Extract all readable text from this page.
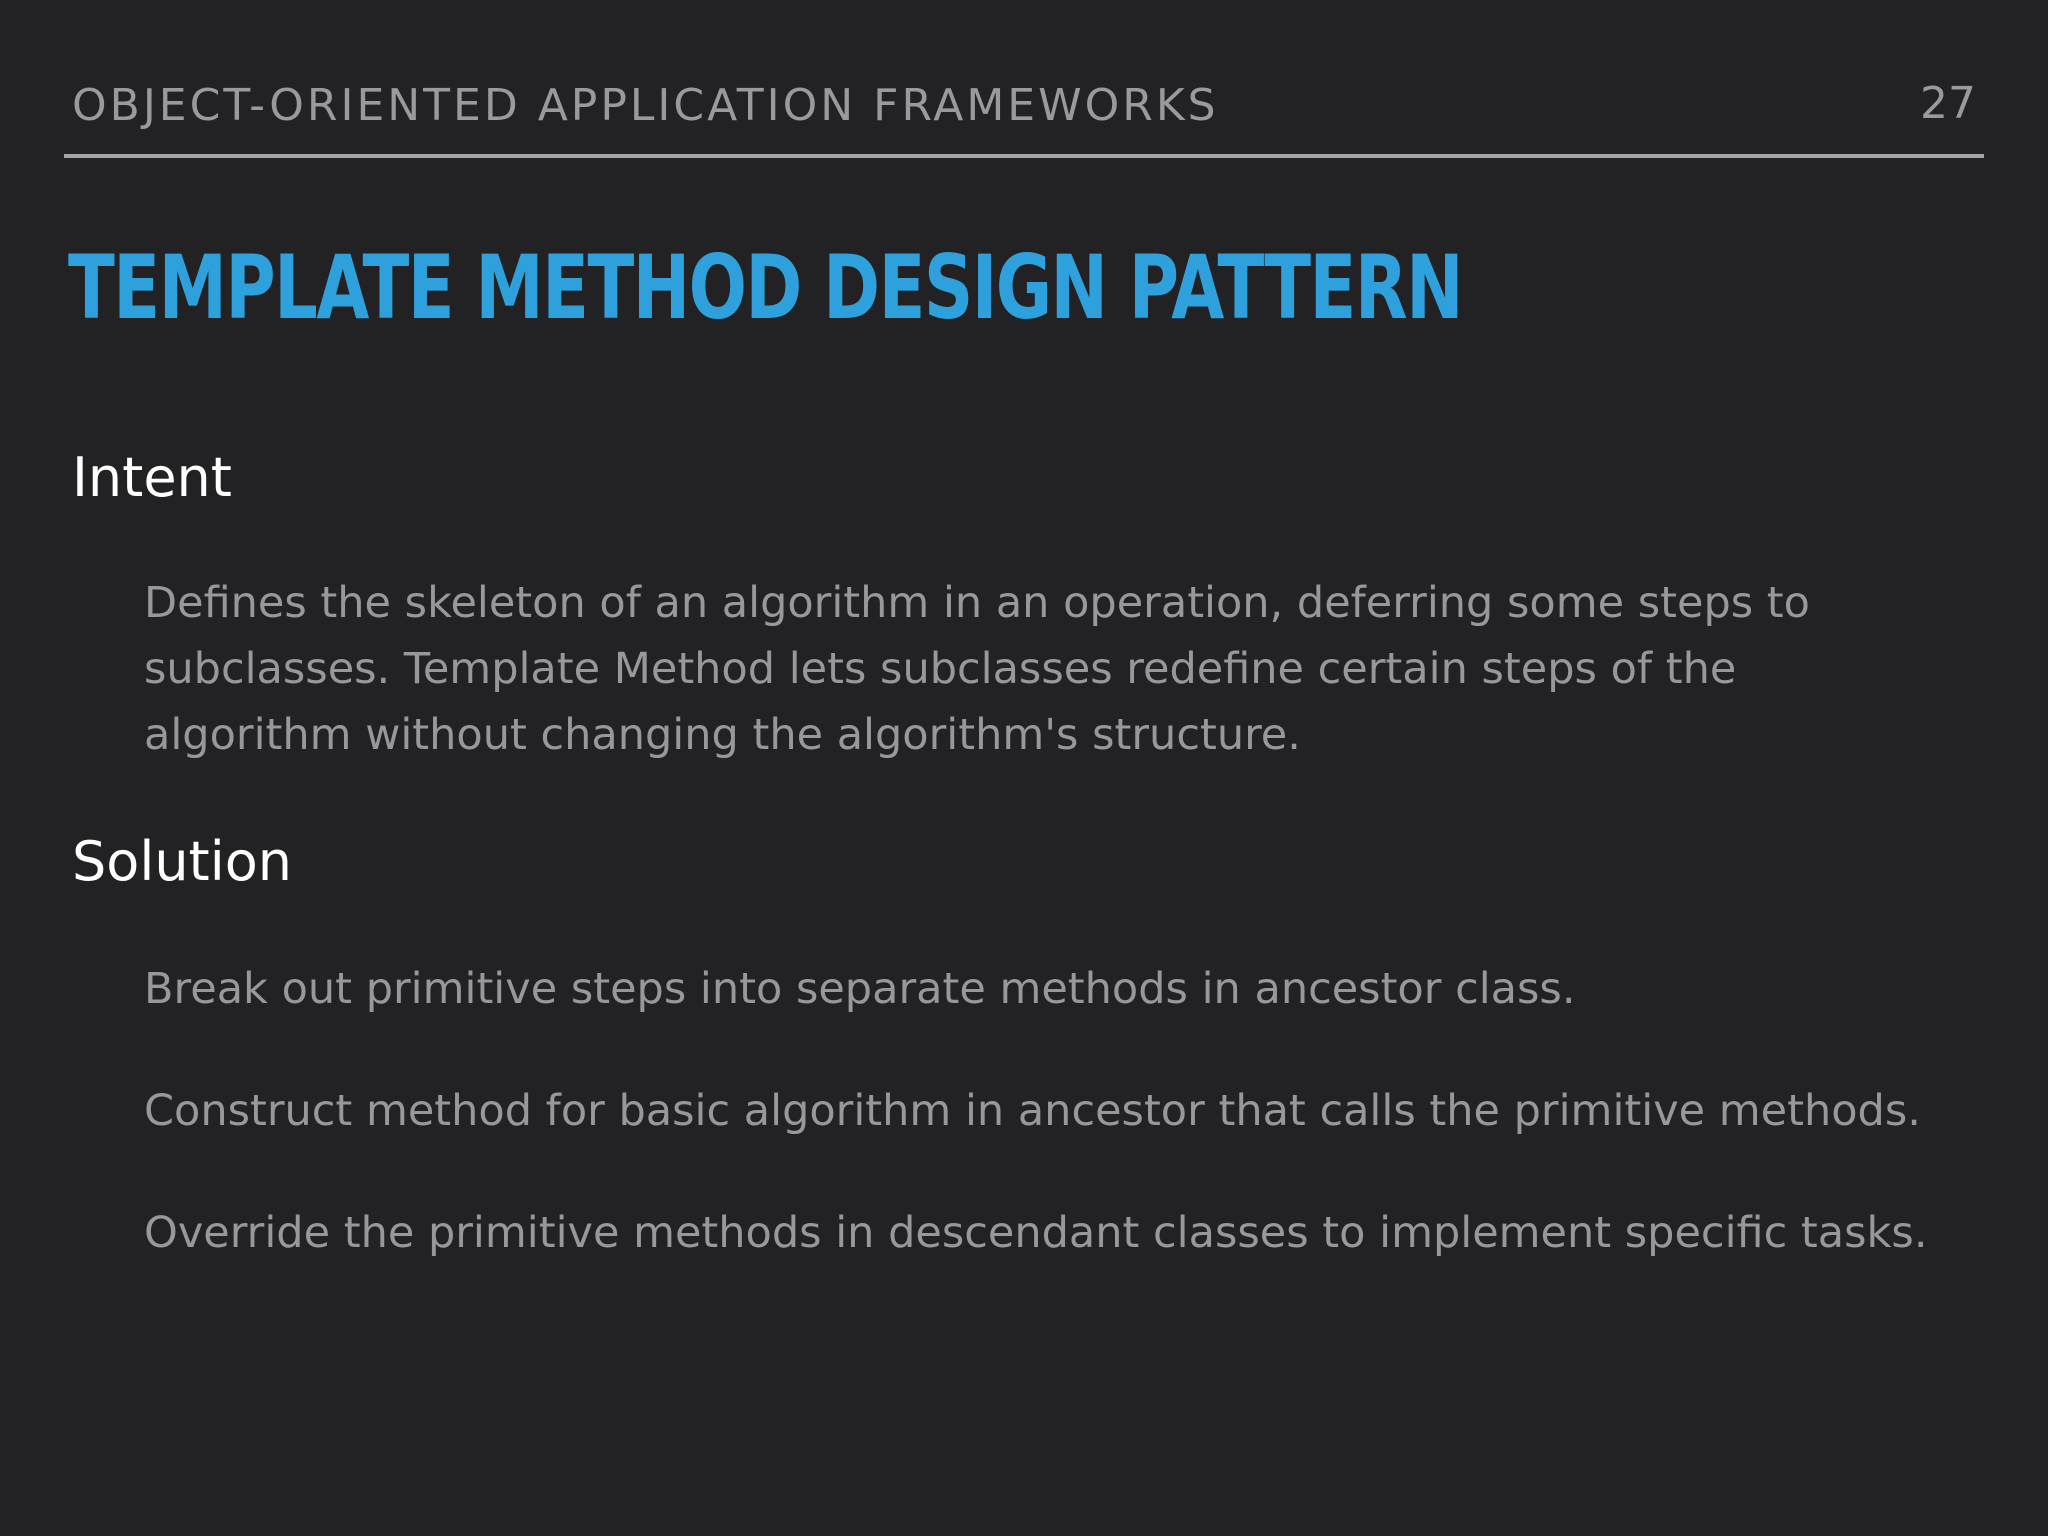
OBJECT-ORIENTED APPLICATION FRAMEWORKS	27
TEMPLATE METHOD DESIGN PATTERN
Intent
Defines the skeleton of an algorithm in an operation, deferring some steps to
subclasses. Template Method lets subclasses redefine certain steps of the
algorithm without changing the algorithm's structure.
Solution
Break out primitive steps into separate methods in ancestor class.
Construct method for basic algorithm in ancestor that calls the primitive methods.
Override the primitive methods in descendant classes to implement specific tasks.
